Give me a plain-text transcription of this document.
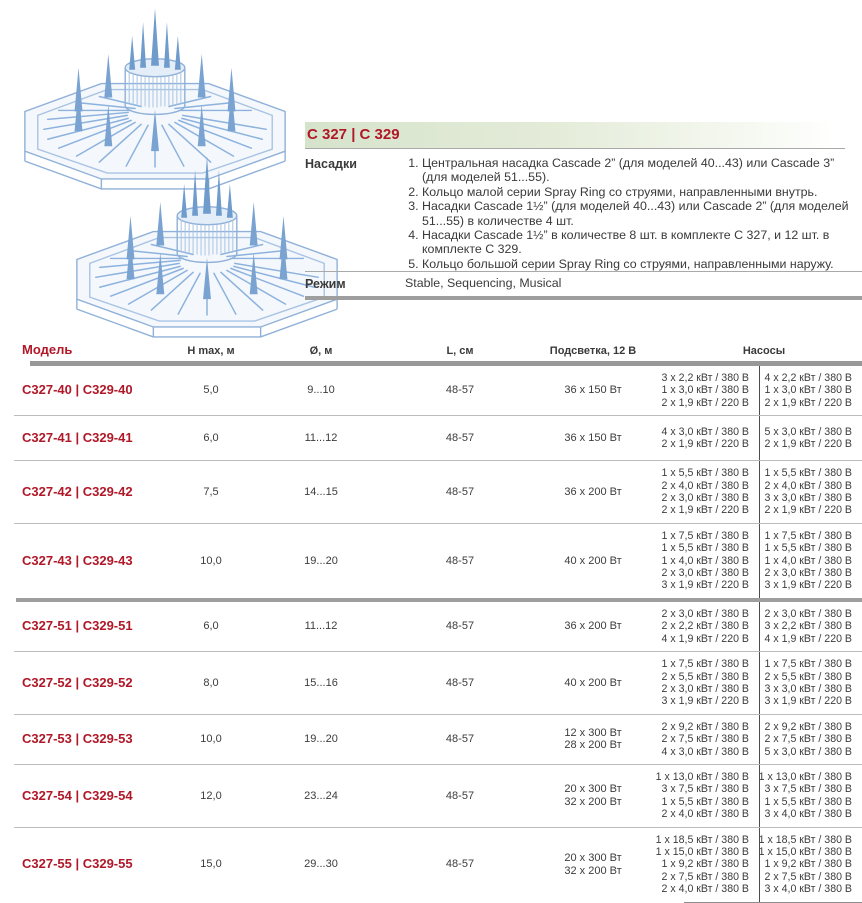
С 327 | С 329
Насадки	1. Центральная насадка Cascade 2” (для моделей 40...43) или Cascade 3” (для моделей 51...55).
2. Кольцо малой серии Spray Ring со струями, направленными внутрь.
3. Насадки Cascade 1½” (для моделей 40...43) или Cascade 2” (для моделей 51...55) в количестве 4 шт.
4. Насадки Cascade 1½” в количестве 8 шт. в комплекте С 327, и 12 шт. в комплекте С 329.
5. Кольцо большой серии Spray Ring со струями, направленными наружу.
Режим	Stable, Sequencing, Musical
Модель	H max, м	Ø, м	L, см	Подсветка, 12 В	Насосы
C327-40 | C329-40	5,0	9...10	48-57	36 x 150 Вт
3 x 2,2 кВт / 380 В
1 x 3,0 кВт / 380 В
2 x 1,9 кВт / 220 В
4 x 2,2 кВт / 380 В
1 x 3,0 кВт / 380 В
2 x 1,9 кВт / 220 В
C327-41 | C329-41	6,0	11...12	48-57	36 x 150 Вт
4 x 3,0 кВт / 380 В
2 x 1,9 кВт / 220 В
5 x 3,0 кВт / 380 В
2 x 1,9 кВт / 220 В
C327-42 | C329-42	7,5	14...15	48-57	36 x 200 Вт
1 x 5,5 кВт / 380 В
2 x 4,0 кВт / 380 В
2 x 3,0 кВт / 380 В
2 x 1,9 кВт / 220 В
1 x 5,5 кВт / 380 В
2 x 4,0 кВт / 380 В
3 x 3,0 кВт / 380 В
2 x 1,9 кВт / 220 В
C327-43 | C329-43	10,0	19...20	48-57	40 x 200 Вт
1 x 7,5 кВт / 380 В
1 x 5,5 кВт / 380 В
1 x 4,0 кВт / 380 В
2 x 3,0 кВт / 380 В
3 x 1,9 кВт / 220 В
1 x 7,5 кВт / 380 В
1 x 5,5 кВт / 380 В
1 x 4,0 кВт / 380 В
2 x 3,0 кВт / 380 В
3 x 1,9 кВт / 220 В
C327-51 | C329-51	6,0	11...12	48-57	36 x 200 Вт
2 x 3,0 кВт / 380 В
2 x 2,2 кВт / 380 В
4 x 1,9 кВт / 220 В
2 x 3,0 кВт / 380 В
3 x 2,2 кВт / 380 В
4 x 1,9 кВт / 220 В
C327-52 | C329-52	8,0	15...16	48-57	40 x 200 Вт
1 x 7,5 кВт / 380 В
2 x 5,5 кВт / 380 В
2 x 3,0 кВт / 380 В
3 x 1,9 кВт / 220 В
1 x 7,5 кВт / 380 В
2 x 5,5 кВт / 380 В
3 x 3,0 кВт / 380 В
3 x 1,9 кВт / 220 В
C327-53 | C329-53	10,0	19...20	48-57
12 x 300 Вт
28 x 200 Вт
2 x 9,2 кВт / 380 В
2 x 7,5 кВт / 380 В
4 x 3,0 кВт / 380 В
2 x 9,2 кВт / 380 В
2 x 7,5 кВт / 380 В
5 x 3,0 кВт / 380 В
C327-54 | C329-54	12,0	23...24	48-57
20 x 300 Вт
32 x 200 Вт
1 x 13,0 кВт / 380 В
3 x 7,5 кВт / 380 В
1 x 5,5 кВт / 380 В
2 x 4,0 кВт / 380 В
1 x 13,0 кВт / 380 В
3 x 7,5 кВт / 380 В
1 x 5,5 кВт / 380 В
3 x 4,0 кВт / 380 В
C327-55 | C329-55	15,0	29...30	48-57
20 x 300 Вт
32 x 200 Вт
1 x 18,5 кВт / 380 В
1 x 15,0 кВт / 380 В
1 x 9,2 кВт / 380 В
2 x 7,5 кВт / 380 В
2 x 4,0 кВт / 380 В
1 x 18,5 кВт / 380 В
1 x 15,0 кВт / 380 В
1 x 9,2 кВт / 380 В
2 x 7,5 кВт / 380 В
3 x 4,0 кВт / 380 В
